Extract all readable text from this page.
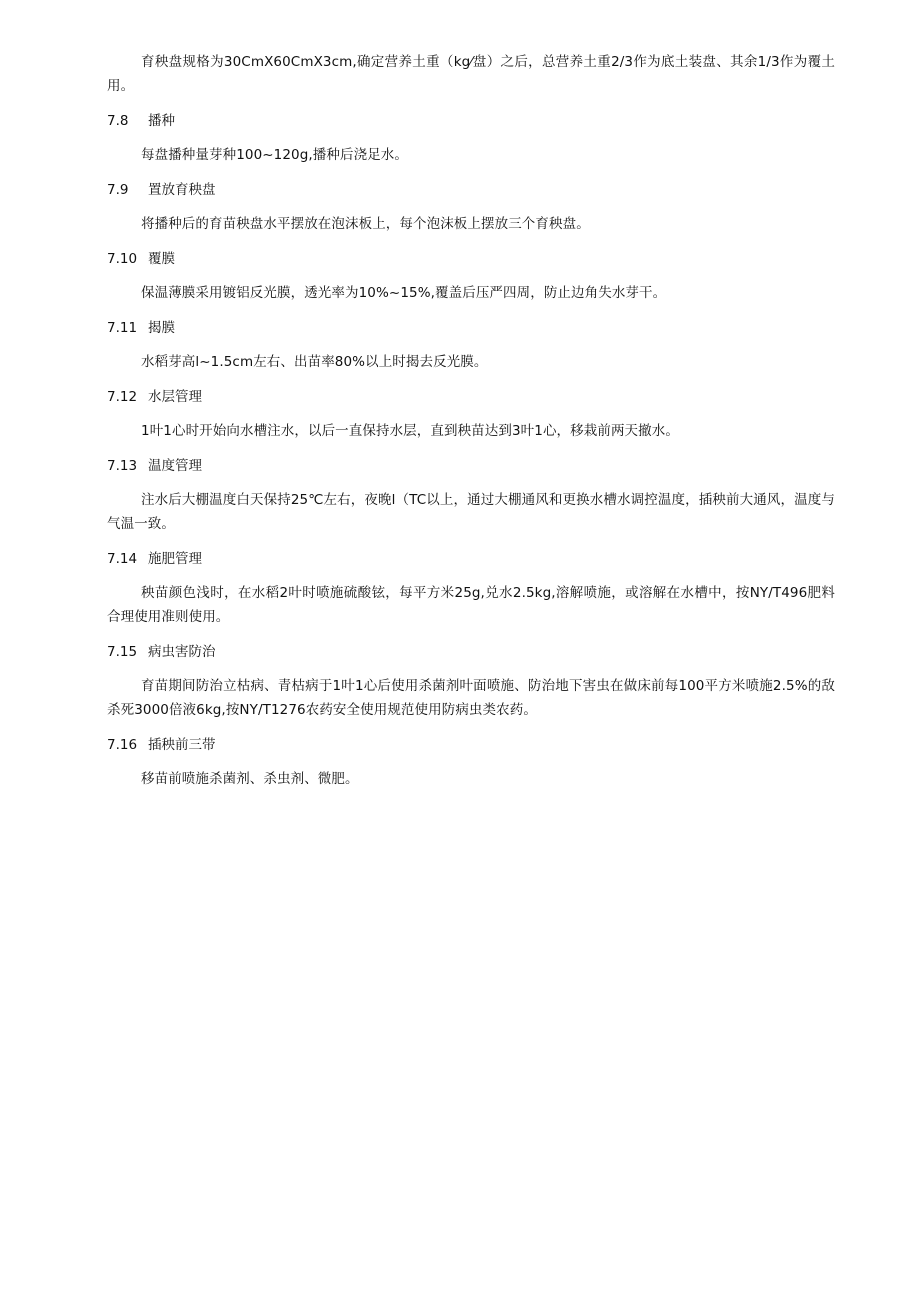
育秧盘规格为30CmX60CmX3cm,确定营养土重（kg⁄盘）之后，总营养土重2/3作为底土装盘、其余1/3作为覆土用。

7.8	播种

每盘播种量芽种100~120g,播种后浇足水。

7.9	置放育秧盘

将播种后的育苗秧盘水平摆放在泡沫板上，每个泡沫板上摆放三个育秧盘。

7.10 覆膜

保温薄膜采用镀铝反光膜，透光率为10%~15%,覆盖后压严四周，防止边角失水芽干。

7.11 揭膜

水稻芽高l~1.5cm左右、出苗率80%以上时揭去反光膜。

7.12 水层管理

1叶1心时开始向水槽注水，以后一直保持水层，直到秧苗达到3叶1心，移栽前两天撤水。

7.13 温度管理

注水后大棚温度白天保持25℃左右，夜晚l（TC以上，通过大棚通风和更换水槽水调控温度，插秧前大通风，温度与气温一致。

7.14 施肥管理

秧苗颜色浅时，在水稻2叶时喷施硫酸铉，每平方米25g,兑水2.5kg,溶解喷施，或溶解在水槽中，按NY/T496肥料合理使用准则使用。

7.15 病虫害防治

育苗期间防治立枯病、青枯病于1叶1心后使用杀菌剂叶面喷施、防治地下害虫在做床前每100平方米喷施2.5%的敌杀死3000倍液6kg,按NY/T1276农药安全使用规范使用防病虫类农药。

7.16 插秧前三带

移苗前喷施杀菌剂、杀虫剂、微肥。
